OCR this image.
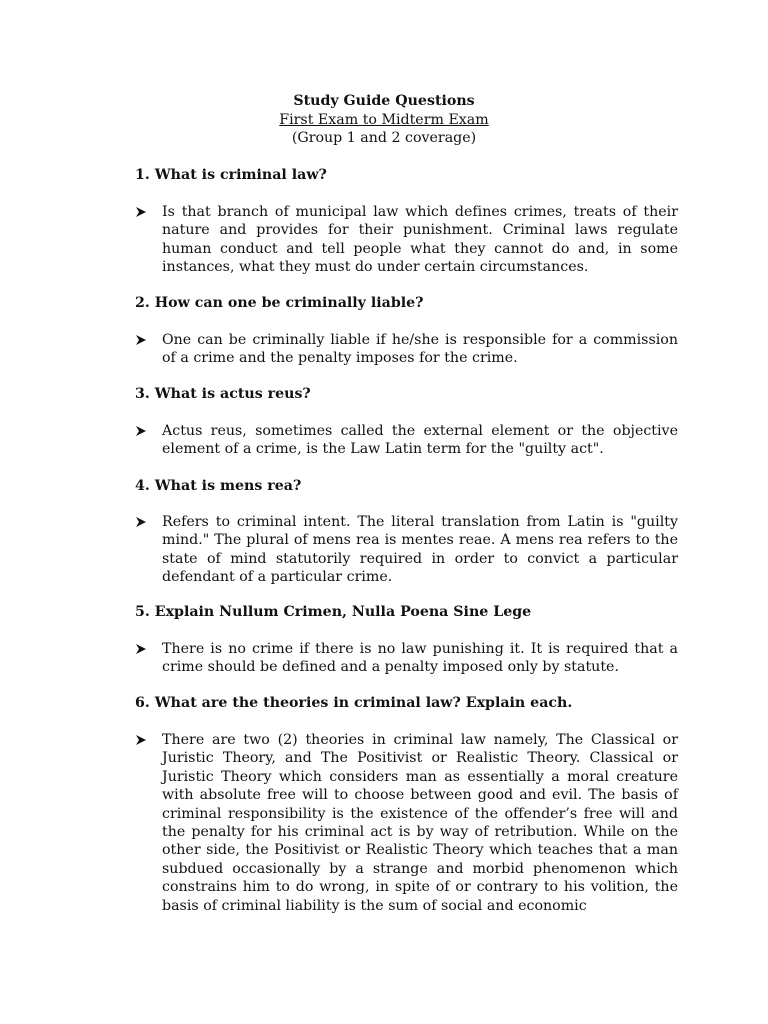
Study Guide Questions
First Exam to Midterm Exam
(Group 1 and 2 coverage)
1. What is criminal law?
Is that branch of municipal law which defines crimes, treats of their nature and provides for their punishment. Criminal laws regulate human conduct and tell people what they cannot do and, in some instances, what they must do under certain circumstances.
2. How can one be criminally liable?
One can be criminally liable if he/she is responsible for a commission of a crime and the penalty imposes for the crime.
3. What is actus reus?
Actus reus, sometimes called the external element or the objective element of a crime, is the Law Latin term for the "guilty act".
4. What is mens rea?
Refers to criminal intent. The literal translation from Latin is "guilty mind." The plural of mens rea is mentes reae. A mens rea refers to the state of mind statutorily required in order to convict a particular defendant of a particular crime.
5. Explain Nullum Crimen, Nulla Poena Sine Lege
There is no crime if there is no law punishing it. It is required that a crime should be defined and a penalty imposed only by statute.
6. What are the theories in criminal law? Explain each.
There are two (2) theories in criminal law namely, The Classical or Juristic Theory, and The Positivist or Realistic Theory. Classical or Juristic Theory which considers man as essentially a moral creature with absolute free will to choose between good and evil. The basis of criminal responsibility is the existence of the offender’s free will and the penalty for his criminal act is by way of retribution. While on the other side, the Positivist or Realistic Theory which teaches that a man subdued occasionally by a strange and morbid phenomenon which constrains him to do wrong, in spite of or contrary to his volition, the basis of criminal liability is the sum of social and economic
